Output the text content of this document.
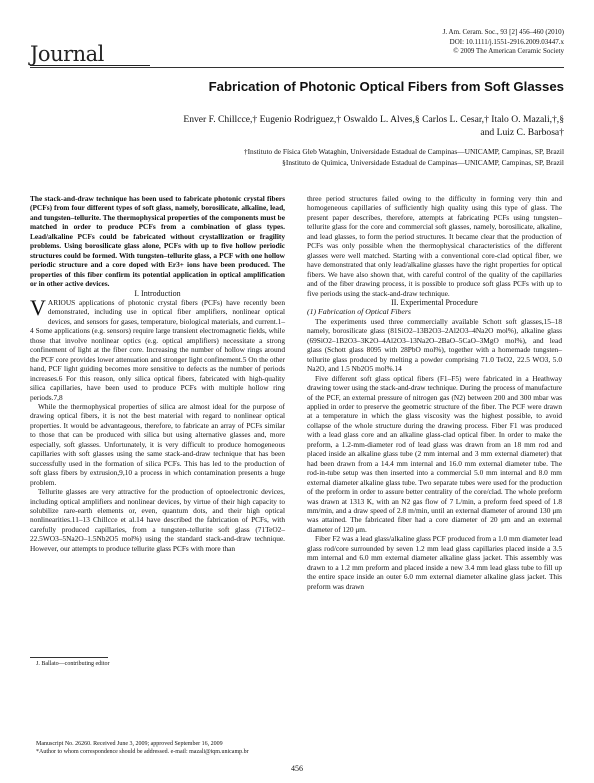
J. Am. Ceram. Soc., 93 [2] 456–460 (2010)
DOI: 10.1111/j.1551-2916.2009.03447.x
© 2009 The American Ceramic Society
Journal
Fabrication of Photonic Optical Fibers from Soft Glasses
Enver F. Chillcce,† Eugenio Rodriguez,† Oswaldo L. Alves,§ Carlos L. Cesar,† Italo O. Mazali,†,§
and Luiz C. Barbosa†
†Instituto de Física Gleb Wataghin, Universidade Estadual de Campinas—UNICAMP, Campinas, SP, Brazil
§Instituto de Química, Universidade Estadual de Campinas—UNICAMP, Campinas, SP, Brazil

The stack-and-draw technique has been used to fabricate photonic crystal fibers (PCFs) from four different types of soft glass, namely, borosilicate, alkaline, lead, and tungsten–tellurite. The thermophysical properties of the components must be matched in order to produce PCFs from a combination of glass types. Lead/alkaline PCFs could be fabricated without crystallization or fragility problems. Using borosilicate glass alone, PCFs with up to five hollow periodic structures could be formed. With tungsten–tellurite glass, a PCF with one hollow periodic structure and a core doped with Er3+ ions have been produced. The properties of this fiber confirm its potential application in optical amplification or in other active devices.

I. Introduction

VARIOUS applications of photonic crystal fibers (PCFs) have recently been demonstrated, including use in optical fiber amplifiers, nonlinear optical devices, and sensors for gases, temperature, biological materials, and current.1–4 Some applications (e.g. sensors) require large transient electromagnetic fields, while those that involve nonlinear optics (e.g. optical amplifiers) necessitate a strong confinement of light at the fiber core. Increasing the number of hollow rings around the PCF core provides lower attenuation and stronger light confinement.5 On the other hand, PCF light guiding becomes more sensitive to defects as the number of periods increases.6 For this reason, only silica optical fibers, fabricated with high-quality silica capillaries, have been used to produce PCFs with multiple hollow ring periods.7,8

While the thermophysical properties of silica are almost ideal for the purpose of drawing optical fibers, it is not the best material with regard to nonlinear optical properties. It would be advantageous, therefore, to fabricate an array of PCFs similar to those that can be produced with silica but using alternative glasses and, more especially, soft glasses. Unfortunately, it is very difficult to produce homogeneous capillaries with soft glasses using the same stack-and-draw technique that has been successfully used in the formation of silica PCFs. This has led to the production of soft glass fibers by extrusion,9,10 a process in which contamination presents a huge problem.

Tellurite glasses are very attractive for the production of optoelectronic devices, including optical amplifiers and nonlinear devices, by virtue of their high capacity to solubilize rare-earth elements or, even, quantum dots, and their high optical nonlinearities.11–13 Chillcce et al.14 have described the fabrication of PCFs, with carefully produced capillaries, from a tungsten–tellurite soft glass (71TeO2–22.5WO3–5Na2O–1.5Nb2O5 mol%) using the standard stack-and-draw technique. However, our attempts to produce tellurite glass PCFs with more than

three period structures failed owing to the difficulty in forming very thin and homogeneous capillaries of sufficiently high quality using this type of glass. The present paper describes, therefore, attempts at fabricating PCFs using tungsten–tellurite glass for the core and commercial soft glasses, namely, borosilicate, alkaline, and lead glasses, to form the period structures. It became clear that the production of PCFs was only possible when the thermophysical characteristics of the different glasses were well matched. Starting with a conventional core-clad optical fiber, we have demonstrated that only lead/alkaline glasses have the right properties for optical fibers. We have also shown that, with careful control of the quality of the capillaries and of the fiber drawing process, it is possible to produce soft glass PCFs with up to five periods using the stack-and-draw technique.

II. Experimental Procedure

(1) Fabrication of Optical Fibers

The experiments used three commercially available Schott soft glasses,15–18 namely, borosilicate glass (81SiO2–13B2O3–2Al2O3–4Na2O mol%), alkaline glass (69SiO2–1B2O3–3K2O–4Al2O3–13Na2O–2BaO–5CaO–3MgO mol%), and lead glass (Schott glass 8095 with 28PbO mol%), together with a homemade tungsten–tellurite glass produced by melting a powder comprising 71.0 TeO2, 22.5 WO3, 5.0 Na2O, and 1.5 Nb2O5 mol%.14

Five different soft glass optical fibers (F1–F5) were fabricated in a Heathway drawing tower using the stack-and-draw technique. During the process of manufacture of the PCF, an external pressure of nitrogen gas (N2) between 200 and 300 mbar was applied in order to preserve the geometric structure of the fiber. The PCF were drawn at a temperature in which the glass viscosity was the highest possible, to avoid collapse of the whole structure during the drawing process. Fiber F1 was produced with a lead glass core and an alkaline glass-clad optical fiber. In order to make the preform, a 1.2-mm-diameter rod of lead glass was drawn from an 18 mm rod and placed inside an alkaline glass tube (2 mm internal and 3 mm external diameter) that had been drawn from a 14.4 mm internal and 16.0 mm external diameter tube. The rod-in-tube setup was then inserted into a commercial 5.0 mm internal and 8.0 mm external diameter alkaline glass tube. Two separate tubes were used for the production of the preform in order to assure better centrality of the core/clad. The whole preform was drawn at 1313 K, with an N2 gas flow of 7 L/min, a preform feed speed of 1.8 mm/min, and a draw speed of 2.8 m/min, until an external diameter of around 130 μm was attained. The fabricated fiber had a core diameter of 20 μm and an external diameter of 120 μm.

Fiber F2 was a lead glass/alkaline glass PCF produced from a 1.0 mm diameter lead glass rod/core surrounded by seven 1.2 mm lead glass capillaries placed inside a 3.5 mm internal and 6.0 mm external diameter alkaline glass jacket. This assembly was drawn to a 1.2 mm preform and placed inside a new 3.4 mm lead glass tube to fill up the entire space inside an outer 6.0 mm external diameter alkaline glass jacket. This preform was drawn

J. Ballato—contributing editor
Manuscript No. 26260. Received June 3, 2009; approved September 16, 2009
*Author to whom correspondence should be addressed. e-mail: mazali@iqm.unicamp.br
456
